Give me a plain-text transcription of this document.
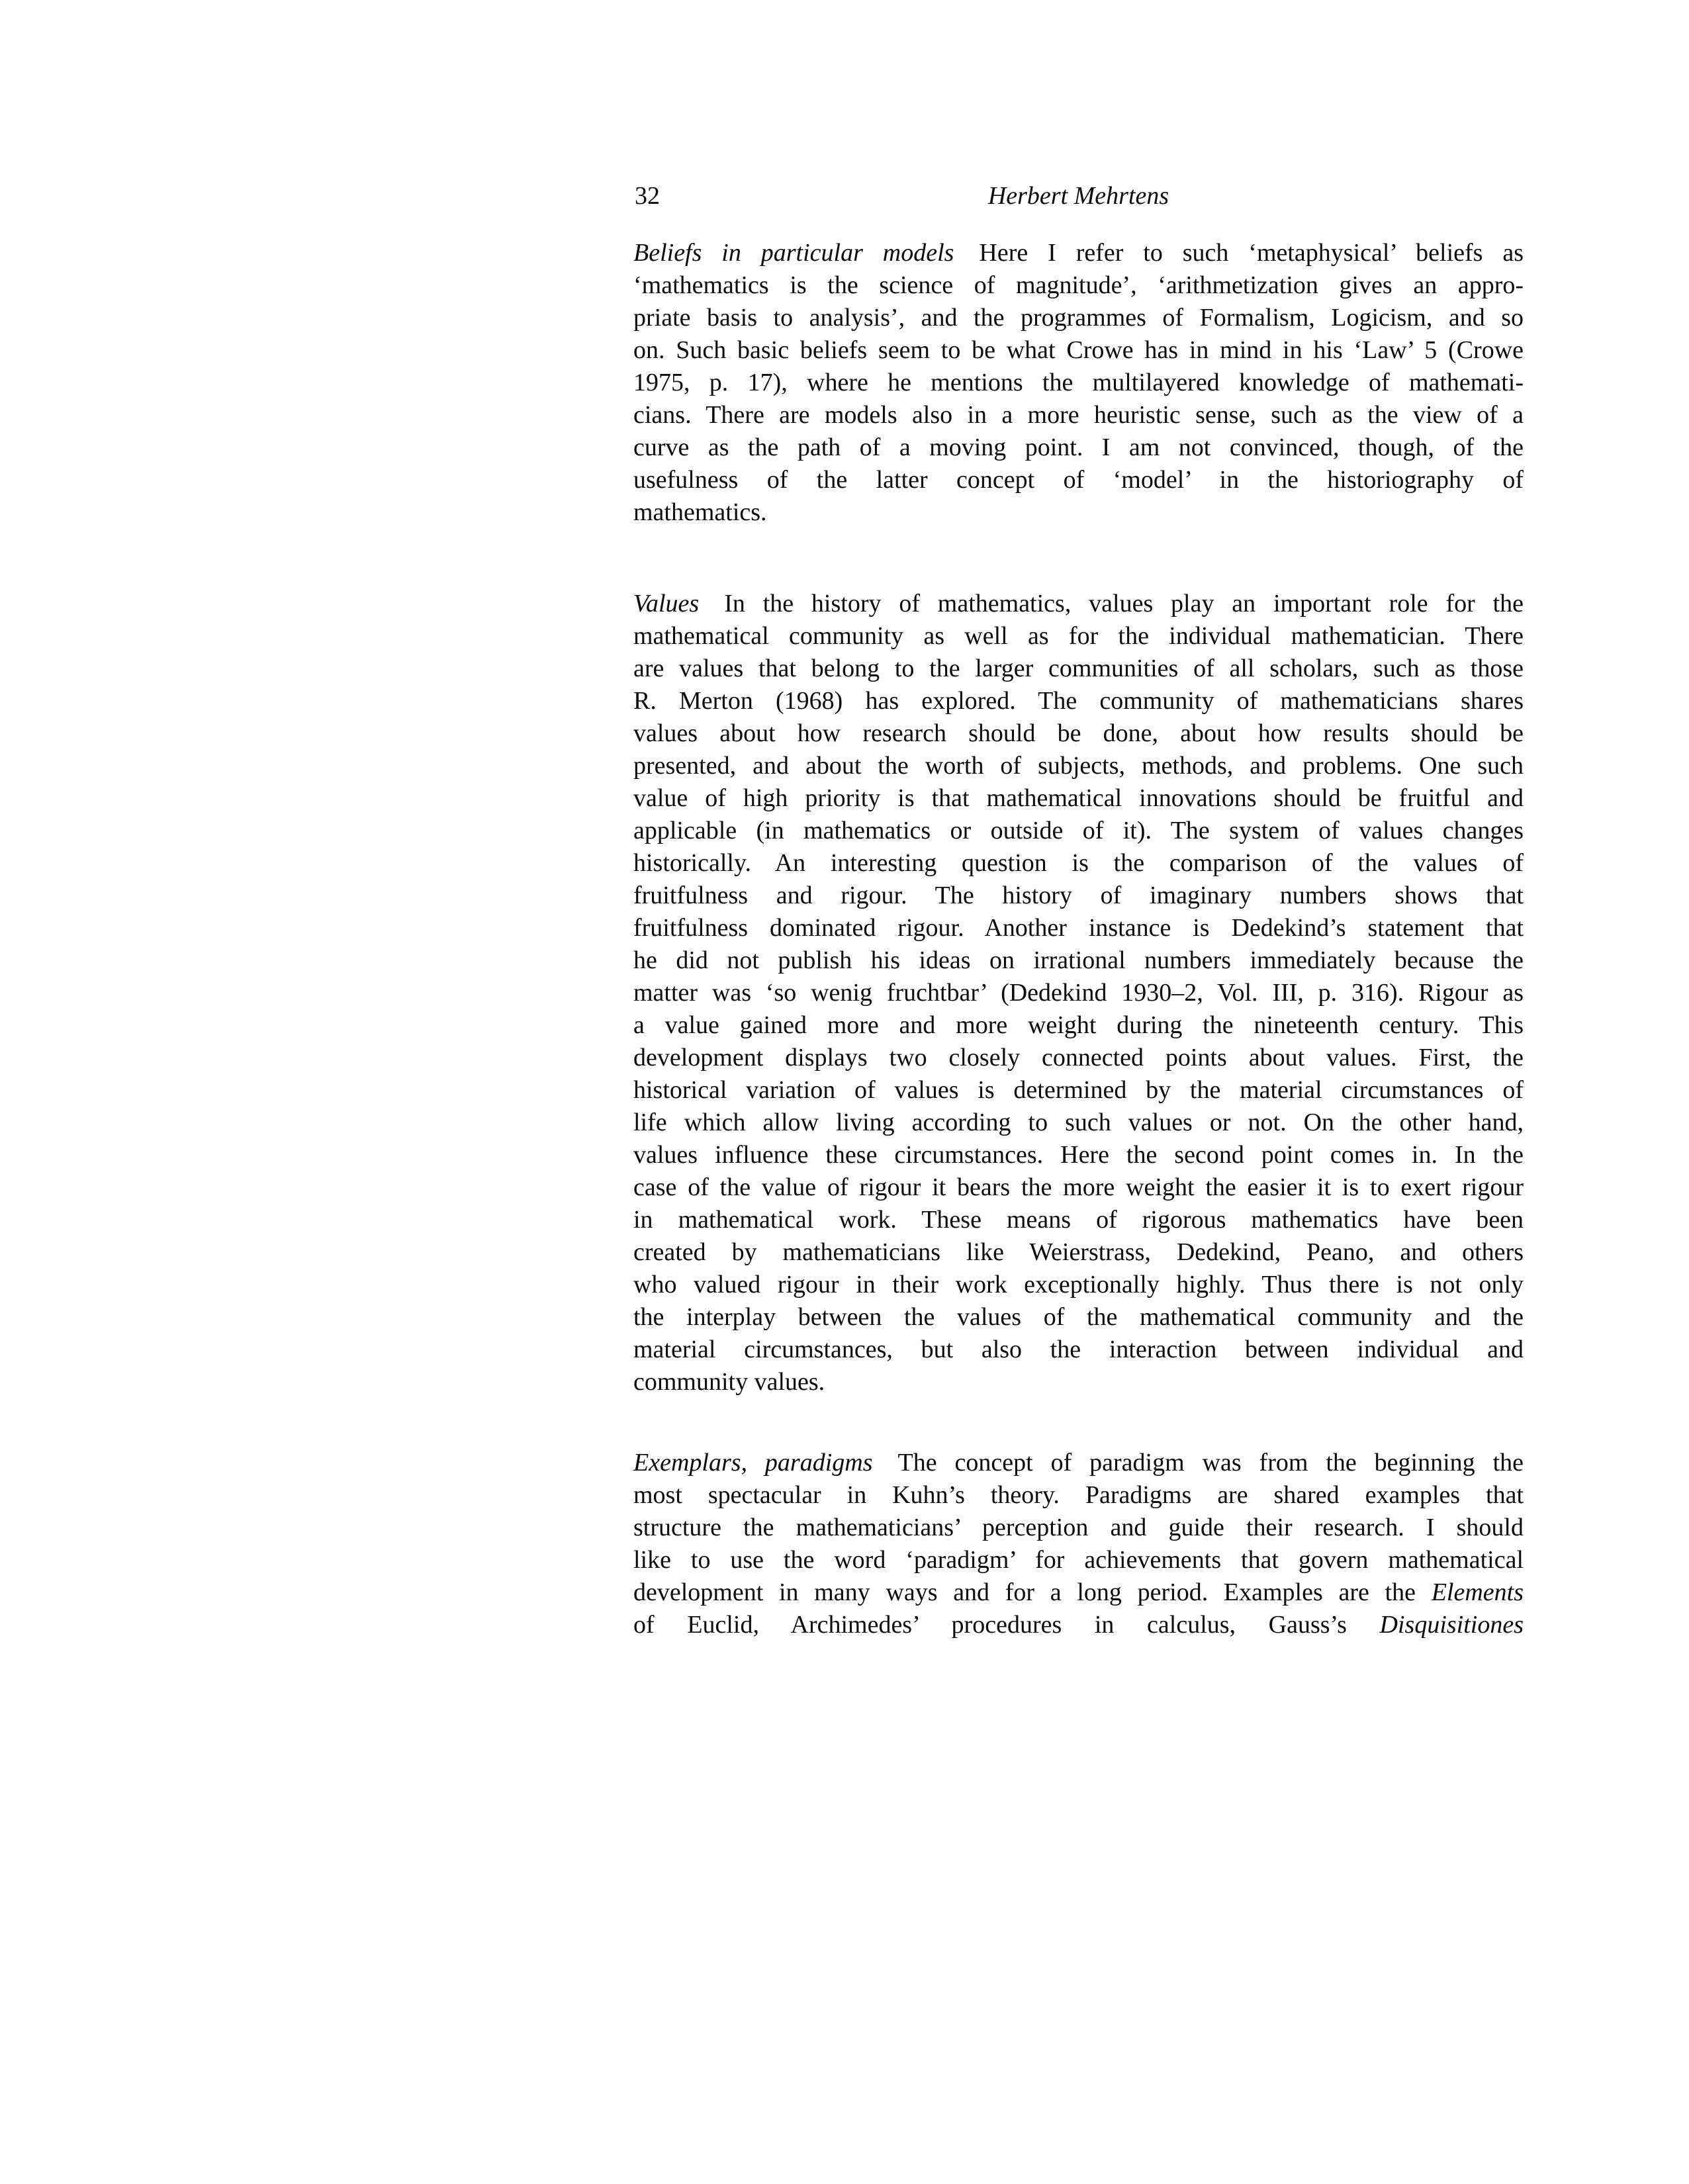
32	Herbert Mehrtens
Beliefs in particular models Here I refer to such ‘metaphysical’ beliefs as
‘mathematics is the science of magnitude’, ‘arithmetization gives an appro-
priate basis to analysis’, and the programmes of Formalism, Logicism, and so
on. Such basic beliefs seem to be what Crowe has in mind in his ‘Law’ 5 (Crowe
1975, p. 17), where he mentions the multilayered knowledge of mathemati-
cians. There are models also in a more heuristic sense, such as the view of a
curve as the path of a moving point. I am not convinced, though, of the
usefulness of the latter concept of ‘model’ in the historiography of
mathematics.
Values In the history of mathematics, values play an important role for the
mathematical community as well as for the individual mathematician. There
are values that belong to the larger communities of all scholars, such as those
R. Merton (1968) has explored. The community of mathematicians shares
values about how research should be done, about how results should be
presented, and about the worth of subjects, methods, and problems. One such
value of high priority is that mathematical innovations should be fruitful and
applicable (in mathematics or outside of it). The system of values changes
historically. An interesting question is the comparison of the values of
fruitfulness and rigour. The history of imaginary numbers shows that
fruitfulness dominated rigour. Another instance is Dedekind’s statement that
he did not publish his ideas on irrational numbers immediately because the
matter was ‘so wenig fruchtbar’ (Dedekind 1930–2, Vol. III, p. 316). Rigour as
a value gained more and more weight during the nineteenth century. This
development displays two closely connected points about values. First, the
historical variation of values is determined by the material circumstances of
life which allow living according to such values or not. On the other hand,
values influence these circumstances. Here the second point comes in. In the
case of the value of rigour it bears the more weight the easier it is to exert rigour
in mathematical work. These means of rigorous mathematics have been
created by mathematicians like Weierstrass, Dedekind, Peano, and others
who valued rigour in their work exceptionally highly. Thus there is not only
the interplay between the values of the mathematical community and the
material circumstances, but also the interaction between individual and
community values.
Exemplars, paradigms The concept of paradigm was from the beginning the
most spectacular in Kuhn’s theory. Paradigms are shared examples that
structure the mathematicians’ perception and guide their research. I should
like to use the word ‘paradigm’ for achievements that govern mathematical
development in many ways and for a long period. Examples are the Elements
of Euclid, Archimedes’ procedures in calculus, Gauss’s Disquisitiones
